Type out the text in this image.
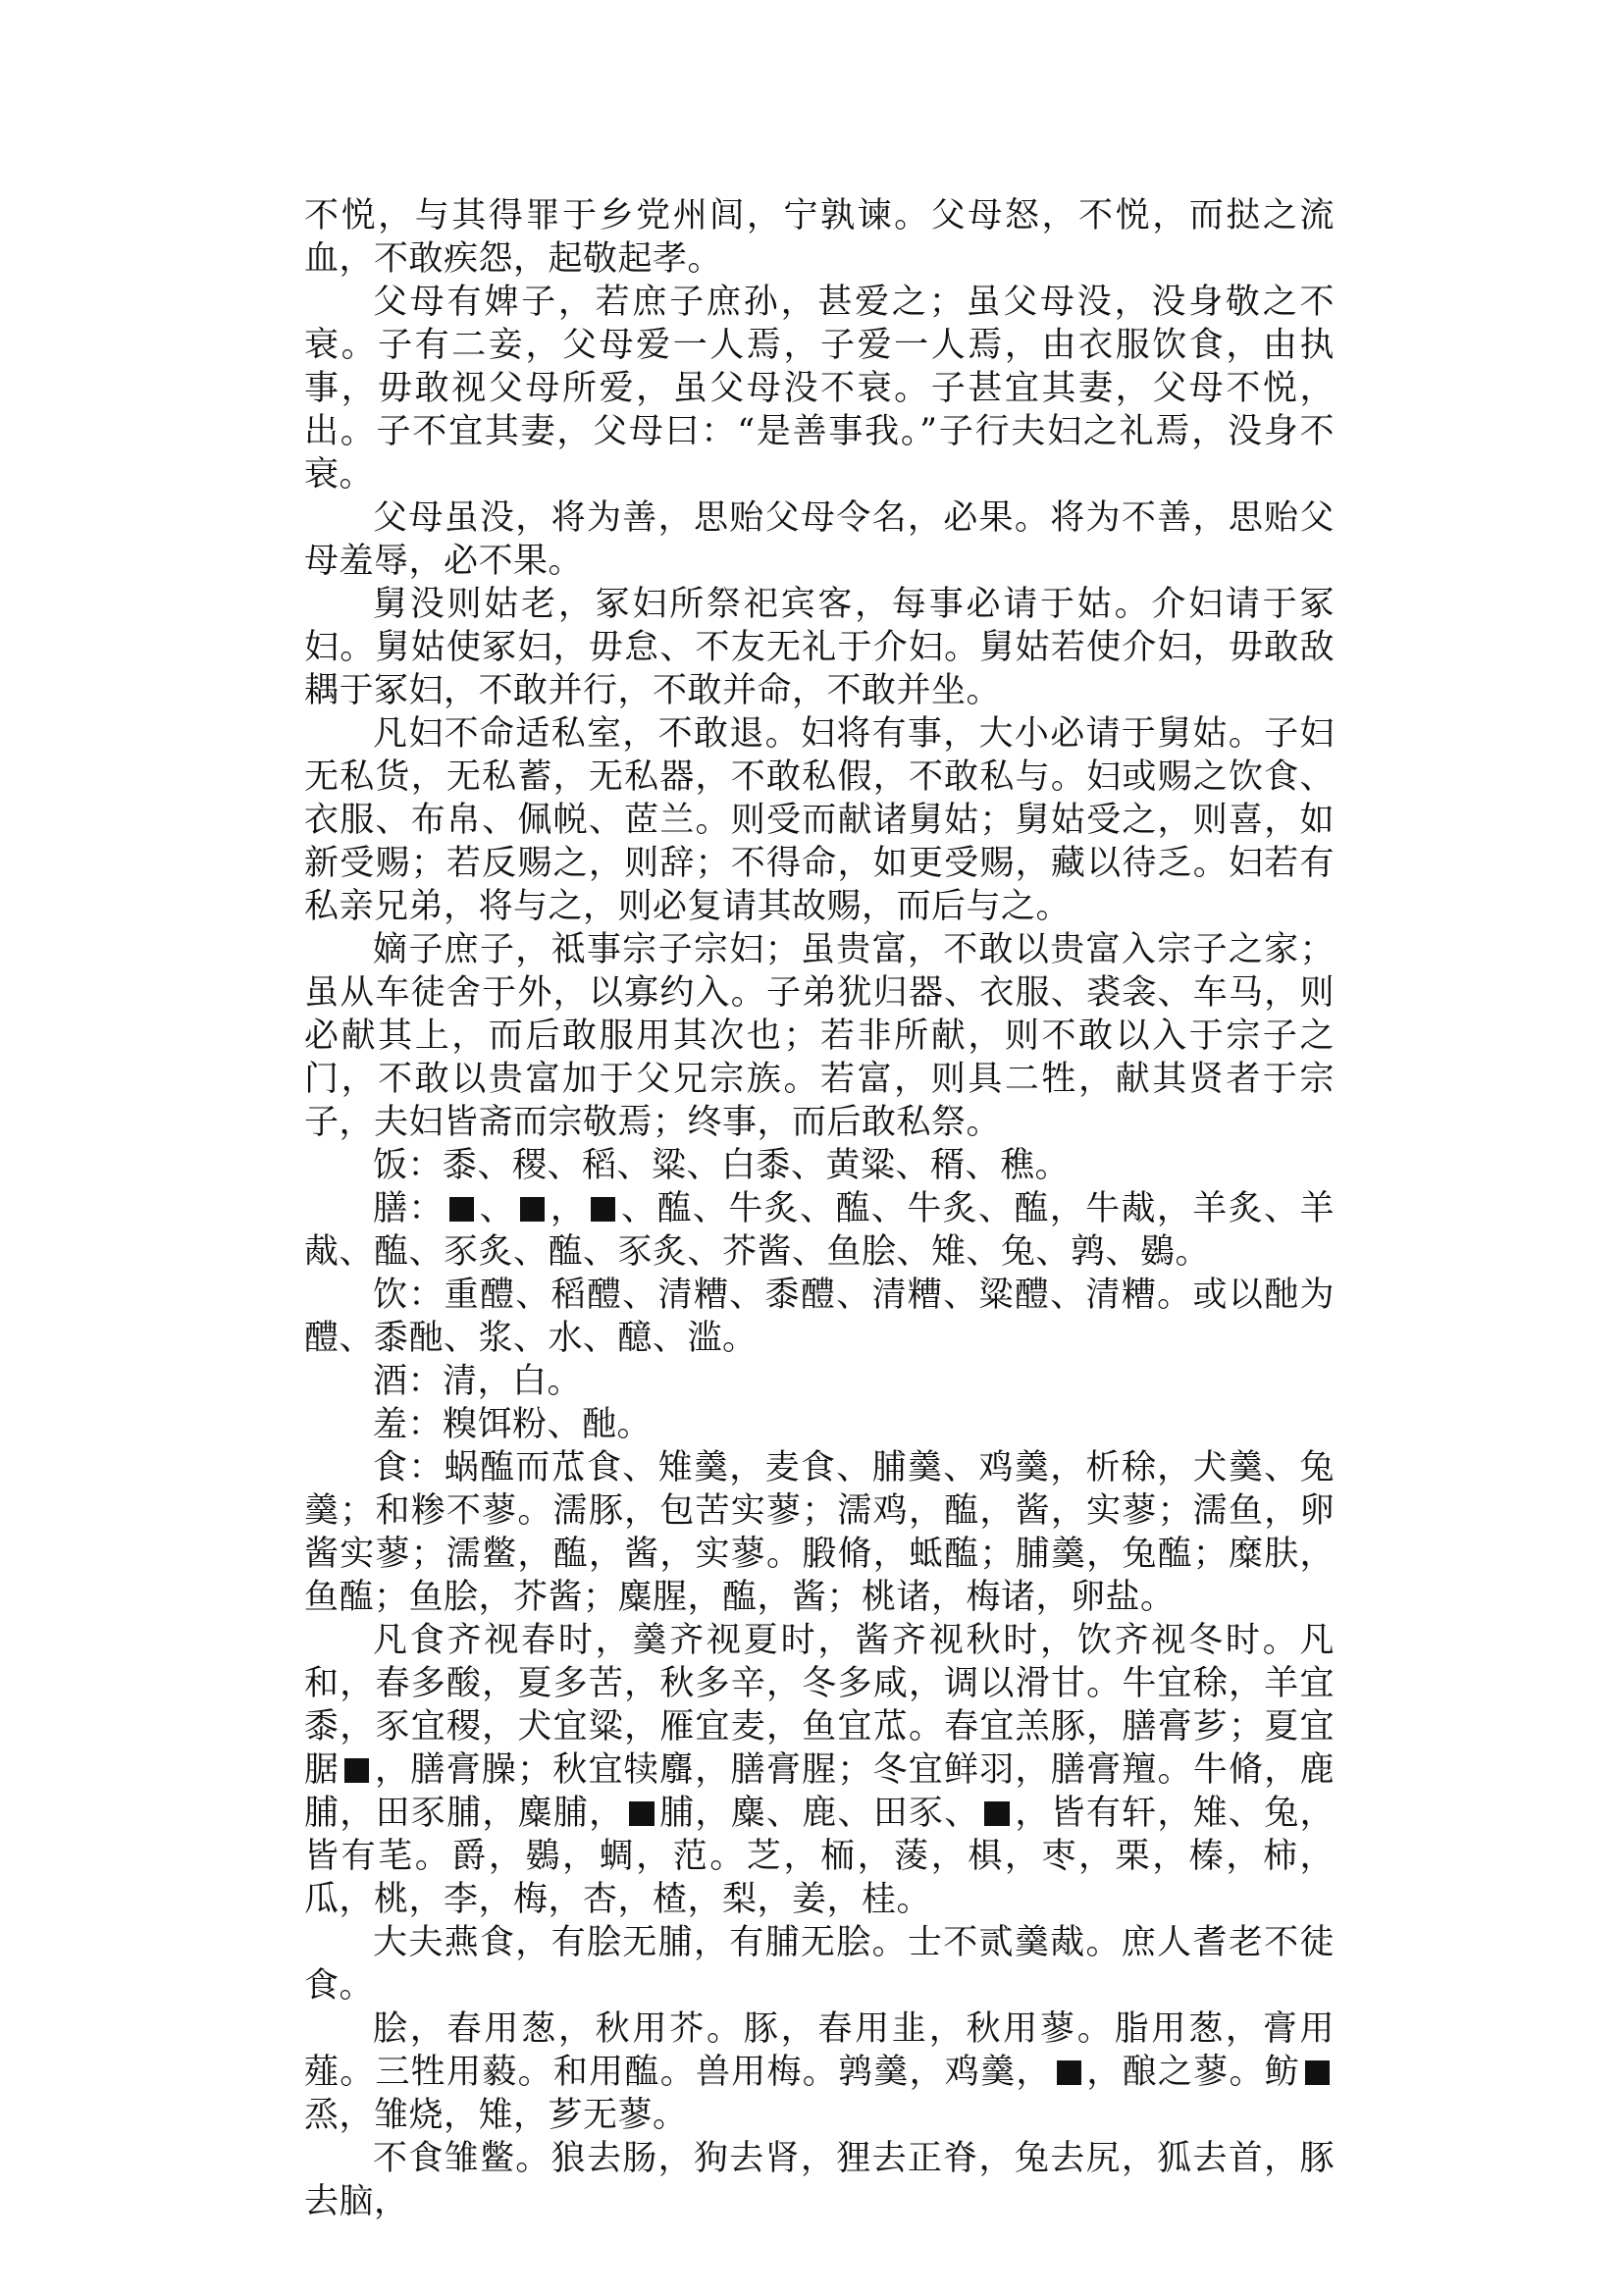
不悦，与其得罪于乡党州闾，宁孰谏。父母怒，不悦，而挞之流血，不敢疾怨，起敬起孝。

父母有婢子，若庶子庶孙，甚爱之；虽父母没，没身敬之不衰。子有二妾，父母爱一人焉，子爱一人焉，由衣服饮食，由执事，毋敢视父母所爱，虽父母没不衰。子甚宜其妻，父母不悦，出。子不宜其妻，父母曰：“是善事我。”子行夫妇之礼焉，没身不衰。

父母虽没，将为善，思贻父母令名，必果。将为不善，思贻父母羞辱，必不果。

舅没则姑老，冢妇所祭祀宾客，每事必请于姑。介妇请于冢妇。舅姑使冢妇，毋怠、不友无礼于介妇。舅姑若使介妇，毋敢敌耦于冢妇，不敢并行，不敢并命，不敢并坐。

凡妇不命适私室，不敢退。妇将有事，大小必请于舅姑。子妇无私货，无私蓄，无私器，不敢私假，不敢私与。妇或赐之饮食、衣服、布帛、佩帨、茝兰。则受而献诸舅姑；舅姑受之，则喜，如新受赐；若反赐之，则辞；不得命，如更受赐，藏以待乏。妇若有私亲兄弟，将与之，则必复请其故赐，而后与之。

嫡子庶子，祗事宗子宗妇；虽贵富，不敢以贵富入宗子之家；虽从车徒舍于外，以寡约入。子弟犹归器、衣服、裘衾、车马，则必献其上，而后敢服用其次也；若非所献，则不敢以入于宗子之门，不敢以贵富加于父兄宗族。若富，则具二牲，献其贤者于宗子，夫妇皆斋而宗敬焉；终事，而后敢私祭。

饭：黍、稷、稻、粱、白黍、黄粱、稰、穛。

膳： 、 ， 、醢、牛炙、醢、牛炙、醢，牛胾，羊炙、羊胾、醢、豕炙、醢、豕炙、芥酱、鱼脍、雉、兔、鹑、鷃。

饮：重醴、稻醴、清糟、黍醴、清糟、粱醴、清糟。或以酏为醴、黍酏、浆、水、醷、滥。

酒：清，白。

羞：糗饵粉、酏。

食：蜗醢而苽食、雉羹，麦食、脯羹、鸡羹，析稌，犬羹、兔羹；和糁不蓼。濡豚，包苦实蓼；濡鸡，醢，酱，实蓼；濡鱼，卵酱实蓼；濡鳖，醢，酱，实蓼。腶脩，蚳醢；脯羹，兔醢；糜肤，鱼醢；鱼脍，芥酱；麋腥，醢，酱；桃诸，梅诸，卵盐。

凡食齐视春时，羹齐视夏时，酱齐视秋时，饮齐视冬时。凡和，春多酸，夏多苦，秋多辛，冬多咸，调以滑甘。牛宜稌，羊宜黍，豕宜稷，犬宜粱，雁宜麦，鱼宜苽。春宜羔豚，膳膏芗；夏宜腒 ，膳膏臊；秋宜犊麛，膳膏腥；冬宜鲜羽，膳膏羶。牛脩，鹿脯，田豕脯，麋脯， 脯，麋、鹿、田豕、 ，皆有轩，雉、兔，皆有芼。爵，鷃，蜩，范。芝，栭，蔆，椇，枣，栗，榛，柿，瓜，桃，李，梅，杏，楂，梨，姜，桂。

大夫燕食，有脍无脯，有脯无脍。士不贰羹胾。庶人耆老不徒食。

脍，春用葱，秋用芥。豚，春用韭，秋用蓼。脂用葱，膏用薤。三牲用藙。和用醢。兽用梅。鹑羹，鸡羹， ，酿之蓼。鲂烝，雏烧，雉，芗无蓼。

不食雏鳖。狼去肠，狗去肾，狸去正脊，兔去尻，狐去首，豚去脑，
